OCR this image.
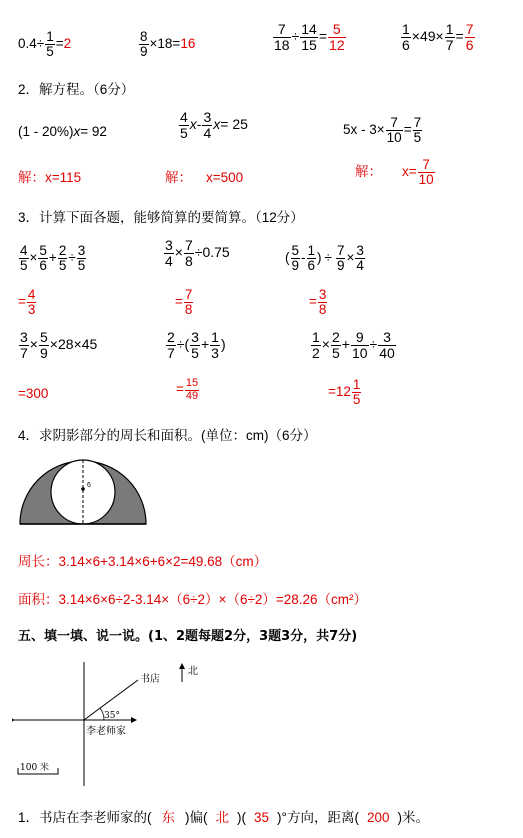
$0.4\div \frac{1}{5} =2$	$\frac{8}{9} \times 18=16$	$\frac{7}{18} \div \frac{14}{15} = \frac{5}{12}$	$\frac{1}{6} \times 49\times \frac{1}{7} = \frac{7}{6}$
2．解方程。（6分）
(1 - 20%)x= 92	$\frac{4}{5} x- \frac{3}{4} x= 25$	$5x - 3\times \frac{7}{10} = \frac{7}{5}$
解：x=115	解： x=500	解： $x= \frac{7}{10}$
3．计算下面各题，能够简算的要简算。（12分）
$\frac{4}{5} \times \frac{5}{6} + \frac{2}{5} \div \frac{3}{5}$
= $\frac{4}{3}$
$\frac{3}{4} \times \frac{7}{8} \div 0.75$
= $\frac{7}{8}$
( $\frac{5}{9} - \frac{1}{6}$ ) ÷ $\frac{7}{9} \times \frac{3}{4}$
= $\frac{3}{8}$
$\frac{3}{7} \times \frac{5}{9} \times 28\times 45$
=300
$\frac{2}{7}$ ÷( $\frac{3}{5} + \frac{1}{3}$ )
= $\frac{15}{49}$
$\frac{1}{2} \times \frac{2}{5} + \frac{9}{10} \div \frac{3}{40}$
$=12 \frac{1}{5}$
4．求阴影部分的周长和面积。(单位：cm)（6分）
6
周长：3.14×6+3.14×6+6×2=49.68（cm）
面积：3.14×6×6÷2-3.14×（6÷2）×（6÷2）=28.26（cm²）
五、填一填、说一说。(1、2题每题2分，3题3分，共7分)
北
书店
35°
李老师家
100 米
1．书店在李老师家的( 东 )偏( 北 )( 35 )°方向，距离( 200 )米。
